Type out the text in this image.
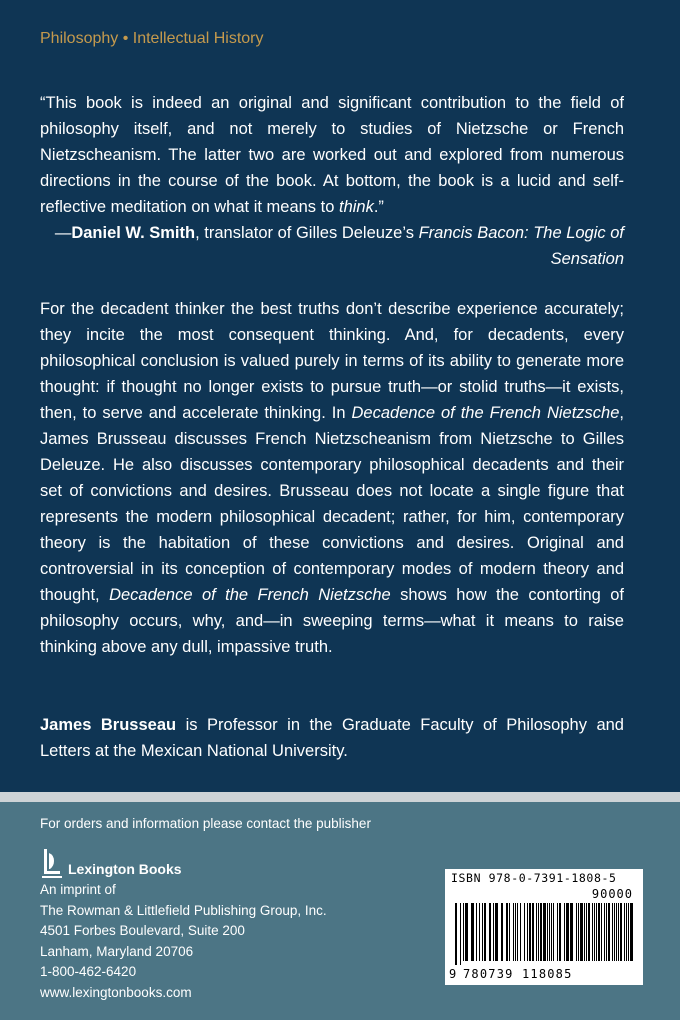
Philosophy • Intellectual History
“This book is indeed an original and significant contribution to the field of philosophy itself, and not merely to studies of Nietzsche or French Nietzscheanism. The latter two are worked out and explored from numerous directions in the course of the book. At bottom, the book is a lucid and self-reflective meditation on what it means to think.”
—Daniel W. Smith, translator of Gilles Deleuze’s Francis Bacon: The Logic of Sensation
For the decadent thinker the best truths don’t describe experience accurately; they incite the most consequent thinking. And, for decadents, every philosophical conclusion is valued purely in terms of its ability to generate more thought: if thought no longer exists to pursue truth—or stolid truths—it exists, then, to serve and accelerate thinking. In Decadence of the French Nietzsche, James Brusseau discusses French Nietzscheanism from Nietzsche to Gilles Deleuze. He also discusses contemporary philosophical decadents and their set of convictions and desires. Brusseau does not locate a single figure that represents the modern philosophical decadent; rather, for him, contemporary theory is the habitation of these convictions and desires. Original and controversial in its conception of contemporary modes of modern theory and thought, Decadence of the French Nietzsche shows how the contorting of philosophy occurs, why, and—in sweeping terms—what it means to raise thinking above any dull, impassive truth.
James Brusseau is Professor in the Graduate Faculty of Philosophy and Letters at the Mexican National University.
For orders and information please contact the publisher
Lexington Books
An imprint of
The Rowman & Littlefield Publishing Group, Inc.
4501 Forbes Boulevard, Suite 200
Lanham, Maryland 20706
1-800-462-6420
www.lexingtonbooks.com
ISBN 978-0-7391-1808-5
90000
9 780739 118085
